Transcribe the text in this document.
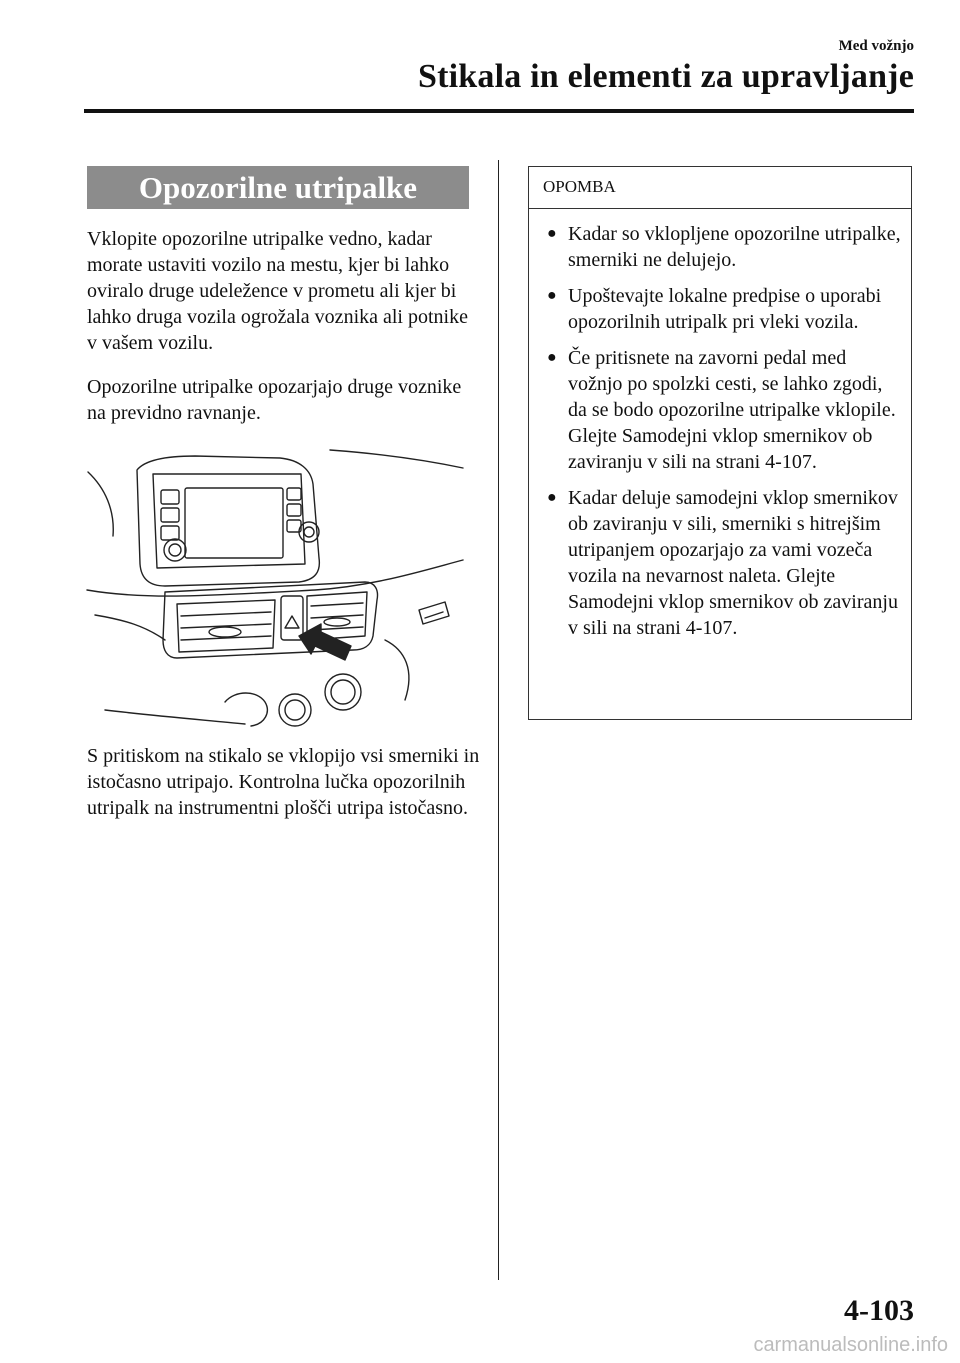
Med vožnjo
Stikala in elementi za upravljanje
Opozorilne utripalke

Vklopite opozorilne utripalke vedno, kadar morate ustaviti vozilo na mestu, kjer bi lahko oviralo druge udeležence v prometu ali kjer bi lahko druga vozila ogrožala voznika ali potnike v vašem vozilu.

Opozorilne utripalke opozarjajo druge voznike na previdno ravnanje.

S pritiskom na stikalo se vklopijo vsi smerniki in istočasno utripajo. Kontrolna lučka opozorilnih utripalk na instrumentni plošči utripa istočasno.

OPOMBA
● Kadar so vklopljene opozorilne utripalke, smerniki ne delujejo.
● Upoštevajte lokalne predpise o uporabi opozorilnih utripalk pri vleki vozila.
● Če pritisnete na zavorni pedal med vožnjo po spolzki cesti, se lahko zgodi, da se bodo opozorilne utripalke vklopile. Glejte Samodejni vklop smernikov ob zaviranju v sili na strani 4-107.
● Kadar deluje samodejni vklop smernikov ob zaviranju v sili, smerniki s hitrejšim utripanjem opozarjajo za vami vozeča vozila na nevarnost naleta. Glejte Samodejni vklop smernikov ob zaviranju v sili na strani 4-107.
4-103
carmanualsonline.info
